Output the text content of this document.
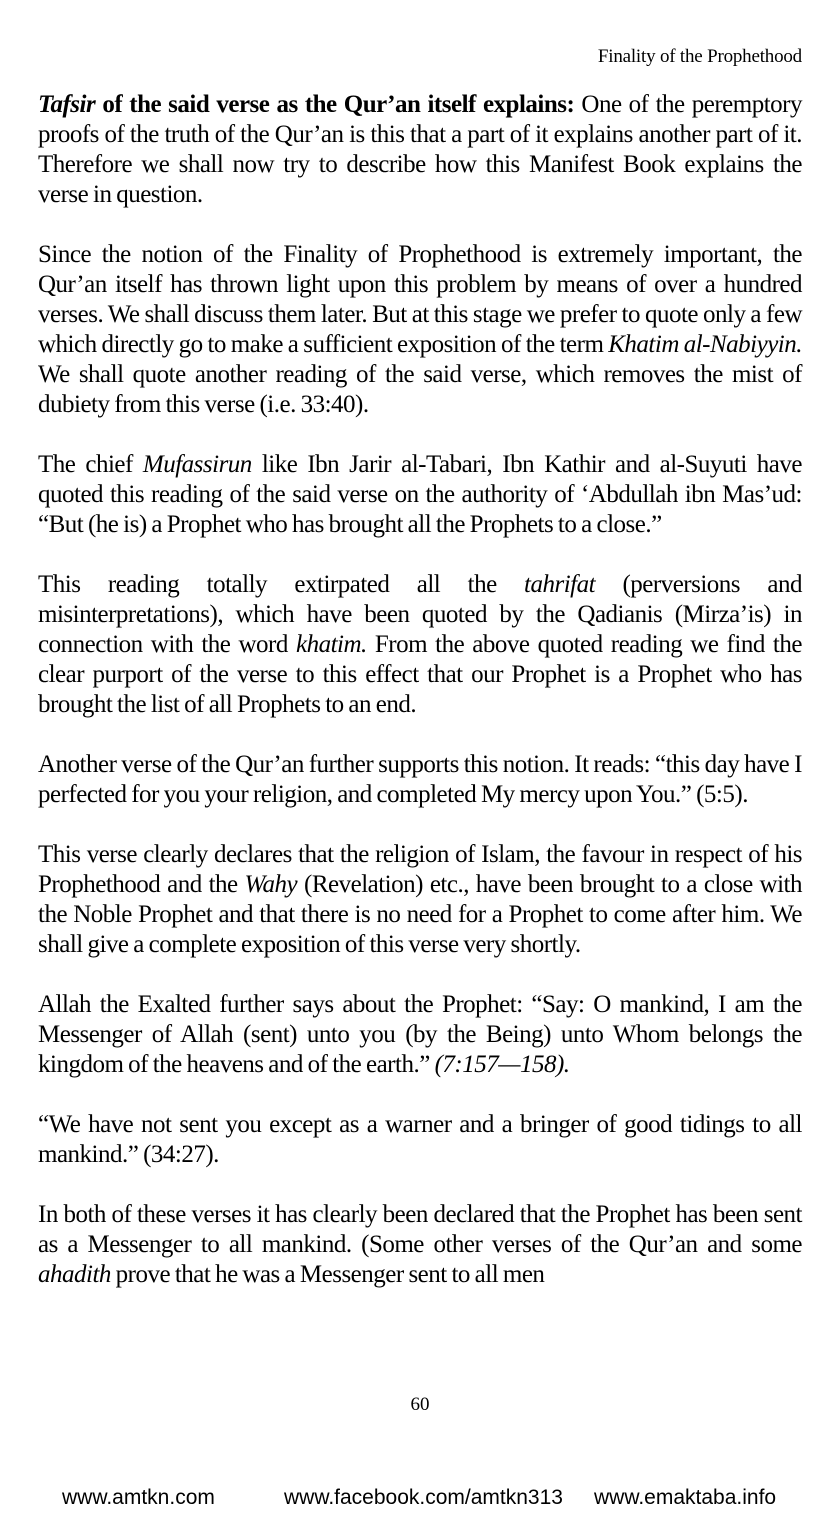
Finality of the Prophethood

Tafsir of the said verse as the Qur’an itself explains: One of the peremptory proofs of the truth of the Qur’an is this that a part of it explains another part of it. Therefore we shall now try to describe how this Manifest Book explains the verse in question.

Since the notion of the Finality of Prophethood is extremely important, the Qur’an itself has thrown light upon this problem by means of over a hundred verses. We shall discuss them later. But at this stage we prefer to quote only a few which directly go to make a sufficient exposition of the term Khatim al-Nabiyyin. We shall quote another reading of the said verse, which removes the mist of dubiety from this verse (i.e. 33:40).

The chief Mufassirun like Ibn Jarir al-Tabari, Ibn Kathir and al-Suyuti have quoted this reading of the said verse on the authority of ‘Abdullah ibn Mas’ud: “But (he is) a Prophet who has brought all the Prophets to a close.”

This reading totally extirpated all the tahrifat (perversions and misinterpretations), which have been quoted by the Qadianis (Mirza’is) in connection with the word khatim. From the above quoted reading we find the clear purport of the verse to this effect that our Prophet is a Prophet who has brought the list of all Prophets to an end.

Another verse of the Qur’an further supports this notion. It reads: “this day have I perfected for you your religion, and completed My mercy upon You.” (5:5).

This verse clearly declares that the religion of Islam, the favour in respect of his Prophethood and the Wahy (Revelation) etc., have been brought to a close with the Noble Prophet and that there is no need for a Prophet to come after him. We shall give a complete exposition of this verse very shortly.

Allah the Exalted further says about the Prophet: “Say: O mankind, I am the Messenger of Allah (sent) unto you (by the Being) unto Whom belongs the kingdom of the heavens and of the earth.” (7:157—158).

“We have not sent you except as a warner and a bringer of good tidings to all mankind.” (34:27).

In both of these verses it has clearly been declared that the Prophet has been sent as a Messenger to all mankind. (Some other verses of the Qur’an and some ahadith prove that he was a Messenger sent to all men

60
www.amtkn.com	www.facebook.com/amtkn313 www.emaktaba.info
